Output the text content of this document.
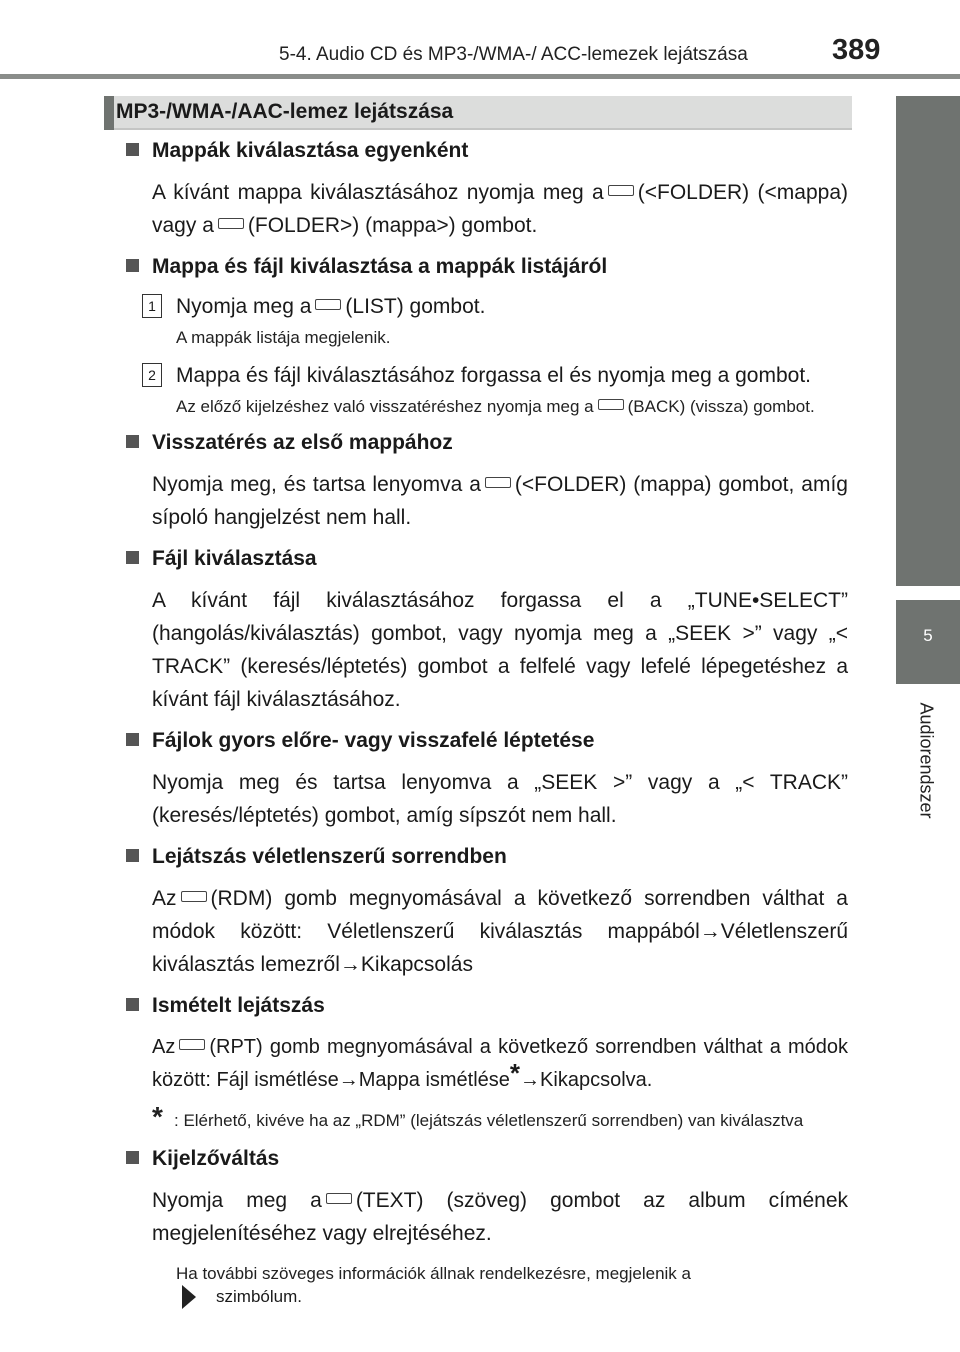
5-4. Audio CD és MP3-/WMA-/ ACC-lemezek lejátszása	389
5
Audiorendszer
MP3-/WMA-/AAC-lemez lejátszása
Mappák kiválasztása egyenként
A kívánt mappa kiválasztásához nyomja meg a (<FOLDER) (<mappa) vagy a (FOLDER>) (mappa>) gombot.
Mappa és fájl kiválasztása a mappák listájáról
1 Nyomja meg a (LIST) gombot.
A mappák listája megjelenik.
2 Mappa és fájl kiválasztásához forgassa el és nyomja meg a gombot.
Az előző kijelzéshez való visszatéréshez nyomja meg a (BACK) (vissza) gombot.
Visszatérés az első mappához
Nyomja meg, és tartsa lenyomva a (<FOLDER) (mappa) gombot, amíg sípoló hangjelzést nem hall.
Fájl kiválasztása
A kívánt fájl kiválasztásához forgassa el a „TUNE•SELECT” (hangolás/kiválasztás) gombot, vagy nyomja meg a „SEEK >” vagy „< TRACK” (keresés/léptetés) gombot a felfelé vagy lefelé lépegetéshez a kívánt fájl kiválasztásához.
Fájlok gyors előre- vagy visszafelé léptetése
Nyomja meg és tartsa lenyomva a „SEEK >” vagy a „< TRACK” (keresés/léptetés) gombot, amíg sípszót nem hall.
Lejátszás véletlenszerű sorrendben
Az (RDM) gomb megnyomásával a következő sorrendben válthat a módok között: Véletlenszerű kiválasztás mappából→Véletlenszerű kiválasztás lemezről→Kikapcsolás
Ismételt lejátszás
Az (RPT) gomb megnyomásával a következő sorrendben válthat a módok között: Fájl ismétlése→Mappa ismétlése*→Kikapcsolva.
* : Elérhető, kivéve ha az „RDM” (lejátszás véletlenszerű sorrendben) van kiválasztva
Kijelzőváltás
Nyomja meg a (TEXT) (szöveg) gombot az album címének megjelenítéséhez vagy elrejtéséhez.
Ha további szöveges információk állnak rendelkezésre, megjelenik a
szimbólum.
